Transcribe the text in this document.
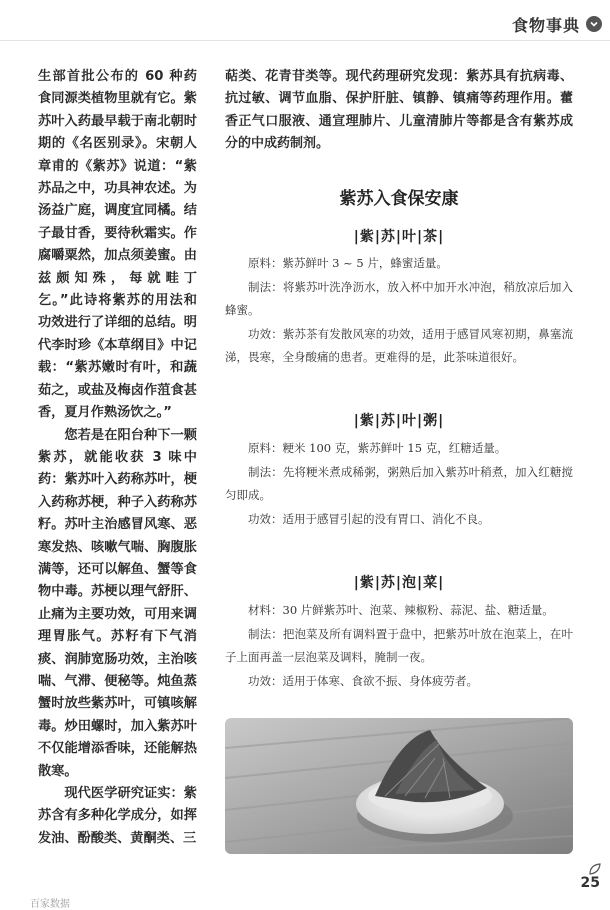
食物事典

生部首批公布的 60 种药食同源类植物里就有它。紫苏叶入药最早载于南北朝时期的《名医别录》。宋朝人章甫的《紫苏》说道：“紫苏品之中，功具神农述。为汤益广庭，调度宜同橘。结子最甘香，要待秋霜实。作腐嚼粟然，加点须姜蜜。由兹颇知殊，每就畦丁乞。”此诗将紫苏的用法和功效进行了详细的总结。明代李时珍《本草纲目》中记载：“紫苏嫩时有叶，和蔬茹之，或盐及梅卤作菹食甚香，夏月作熟汤饮之。”

您若是在阳台种下一颗紫苏，就能收获 3 味中药：紫苏叶入药称苏叶，梗入药称苏梗，种子入药称苏籽。苏叶主治感冒风寒、恶寒发热、咳嗽气喘、胸腹胀满等，还可以解鱼、蟹等食物中毒。苏梗以理气舒肝、止痛为主要功效，可用来调理胃胀气。苏籽有下气消痰、润肺宽肠功效，主治咳喘、气滞、便秘等。炖鱼蒸蟹时放些紫苏叶，可镇咳解毒。炒田螺时，加入紫苏叶不仅能增添香味，还能解热散寒。

现代医学研究证实：紫苏含有多种化学成分，如挥发油、酚酸类、黄酮类、三

萜类、花青苷类等。现代药理研究发现：紫苏具有抗病毒、抗过敏、调节血脂、保护肝脏、镇静、镇痛等药理作用。藿香正气口服液、通宣理肺片、儿童清肺片等都是含有紫苏成分的中成药制剂。

紫苏入食保安康
|紫|苏|叶|茶|

原料：紫苏鲜叶 3 ~ 5 片，蜂蜜适量。

制法：将紫苏叶洗净沥水，放入杯中加开水冲泡，稍放凉后加入蜂蜜。

功效：紫苏茶有发散风寒的功效，适用于感冒风寒初期，鼻塞流涕，畏寒，全身酸痛的患者。更难得的是，此茶味道很好。

|紫|苏|叶|粥|

原料：粳米 100 克，紫苏鲜叶 15 克，红糖适量。

制法：先将粳米煮成稀粥，粥熟后加入紫苏叶稍煮，加入红糖搅匀即成。

功效：适用于感冒引起的没有胃口、消化不良。

|紫|苏|泡|菜|

材料：30 片鲜紫苏叶、泡菜、辣椒粉、蒜泥、盐、糖适量。

制法：把泡菜及所有调料置于盘中，把紫苏叶放在泡菜上，在叶子上面再盖一层泡菜及调料，腌制一夜。

功效：适用于体寒、食欲不振、身体疲劳者。

25
百家数据
